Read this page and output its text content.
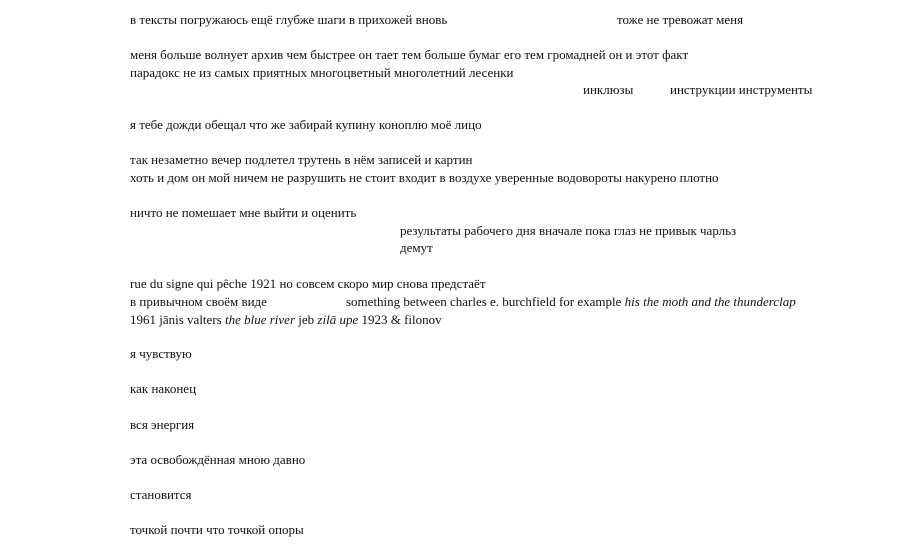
в тексты погружаюсь ещё глубже шаги в прихожей вновь	тоже не тревожат меня
меня больше волнует архив чем быстрее он тает тем больше бумаг его тем громадней он и этот факт
парадокс не из самых приятных многоцветный многолетний лесенки
инклюзы	инструкции инструменты
я тебе дожди обещал что же забирай купину коноплю моё лицо
так незаметно вечер подлетел трутень в нём записей и картин
хоть и дом он мой ничем не разрушить не стоит входит в воздухе уверенные водовороты накурено плотно
ничто не помешает мне выйти и оценить
результаты рабочего дня вначале пока глаз не привык чарльз
демут
rue du signe qui pêche 1921 но совсем скоро мир снова предстаёт
в привычном своём виде	something between charles e. burchfield for example his the moth and the thunderclap
1961 jānis valters the blue river jeb zilā upe 1923 & filonov
я чувствую
как наконец
вся энергия
эта освобождённая мною давно
становится
точкой почти что точкой опоры
